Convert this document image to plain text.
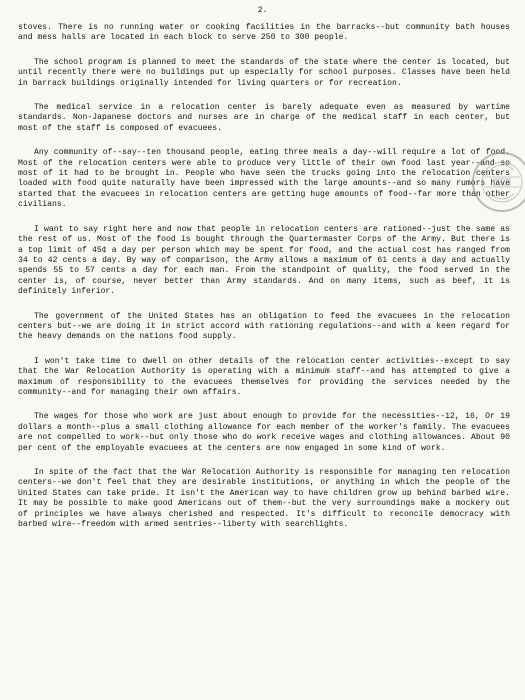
2.

stoves. There is no running water or cooking facilities in the barracks--but community bath houses and mess halls are located in each block to serve 250 to 300 people.

The school program is planned to meet the standards of the state where the center is located, but until recently there were no buildings put up especially for school purposes. Classes have been held in barrack buildings originally intended for living quarters or for recreation.

The medical service in a relocation center is barely adequate even as measured by wartime standards. Non-Japanese doctors and nurses are in charge of the medical staff in each center, but most of the staff is composed of evacuees.

Any community of--say--ten thousand people, eating three meals a day--will require a lot of food. Most of the relocation centers were able to produce very little of their own food last year--and so most of it had to be brought in. People who have seen the trucks going into the relocation centers loaded with food quite naturally have been impressed with the large amounts--and so many rumors have started that the evacuees in relocation centers are getting huge amounts of food--far more than other civilians.

I want to say right here and now that people in relocation centers are rationed--just the same as the rest of us. Most of the food is bought through the Quartermaster Corps of the Army. But there is a top limit of 45¢ a day per person which may be spent for food, and the actual cost has ranged from 34 to 42 cents a day. By way of comparison, the Army allows a maximum of 61 cents a day and actually spends 55 to 57 cents a day for each man. From the standpoint of quality, the food served in the center is, of course, never better than Army standards. And on many items, such as beef, it is definitely inferior.

The government of the United States has an obligation to feed the evacuees in the relocation centers but--we are doing it in strict accord with rationing regulations--and with a keen regard for the heavy demands on the nations food supply.

I won't take time to dwell on other details of the relocation center activities--except to say that the War Relocation Authority is operating with a minimum staff--and has attempted to give a maximum of responsibility to the evacuees themselves for providing the services needed by the community--and for managing their own affairs.

The wages for those who work are just about enough to provide for the necessities--12, 16, Or 19 dollars a month--plus a small clothing allowance for each member of the worker's family. The evacuees are not compelled to work--but only those who do work receive wages and clothing allowances. About 90 per cent of the employable evacuees at the centers are now engaged in some kind of work.

In spite of the fact that the War Relocation Authority is responsible for managing ten relocation centers--we don't feel that they are desirable institutions, or anything in which the people of the United States can take pride. It isn't the American way to have children grow up behind barbed wire. It may be possible to make good Americans out of them--but the very surroundings make a mockery out of principles we have always cherished and respected. It's difficult to reconcile democracy with barbed wire--freedom with armed sentries--liberty with searchlights.
